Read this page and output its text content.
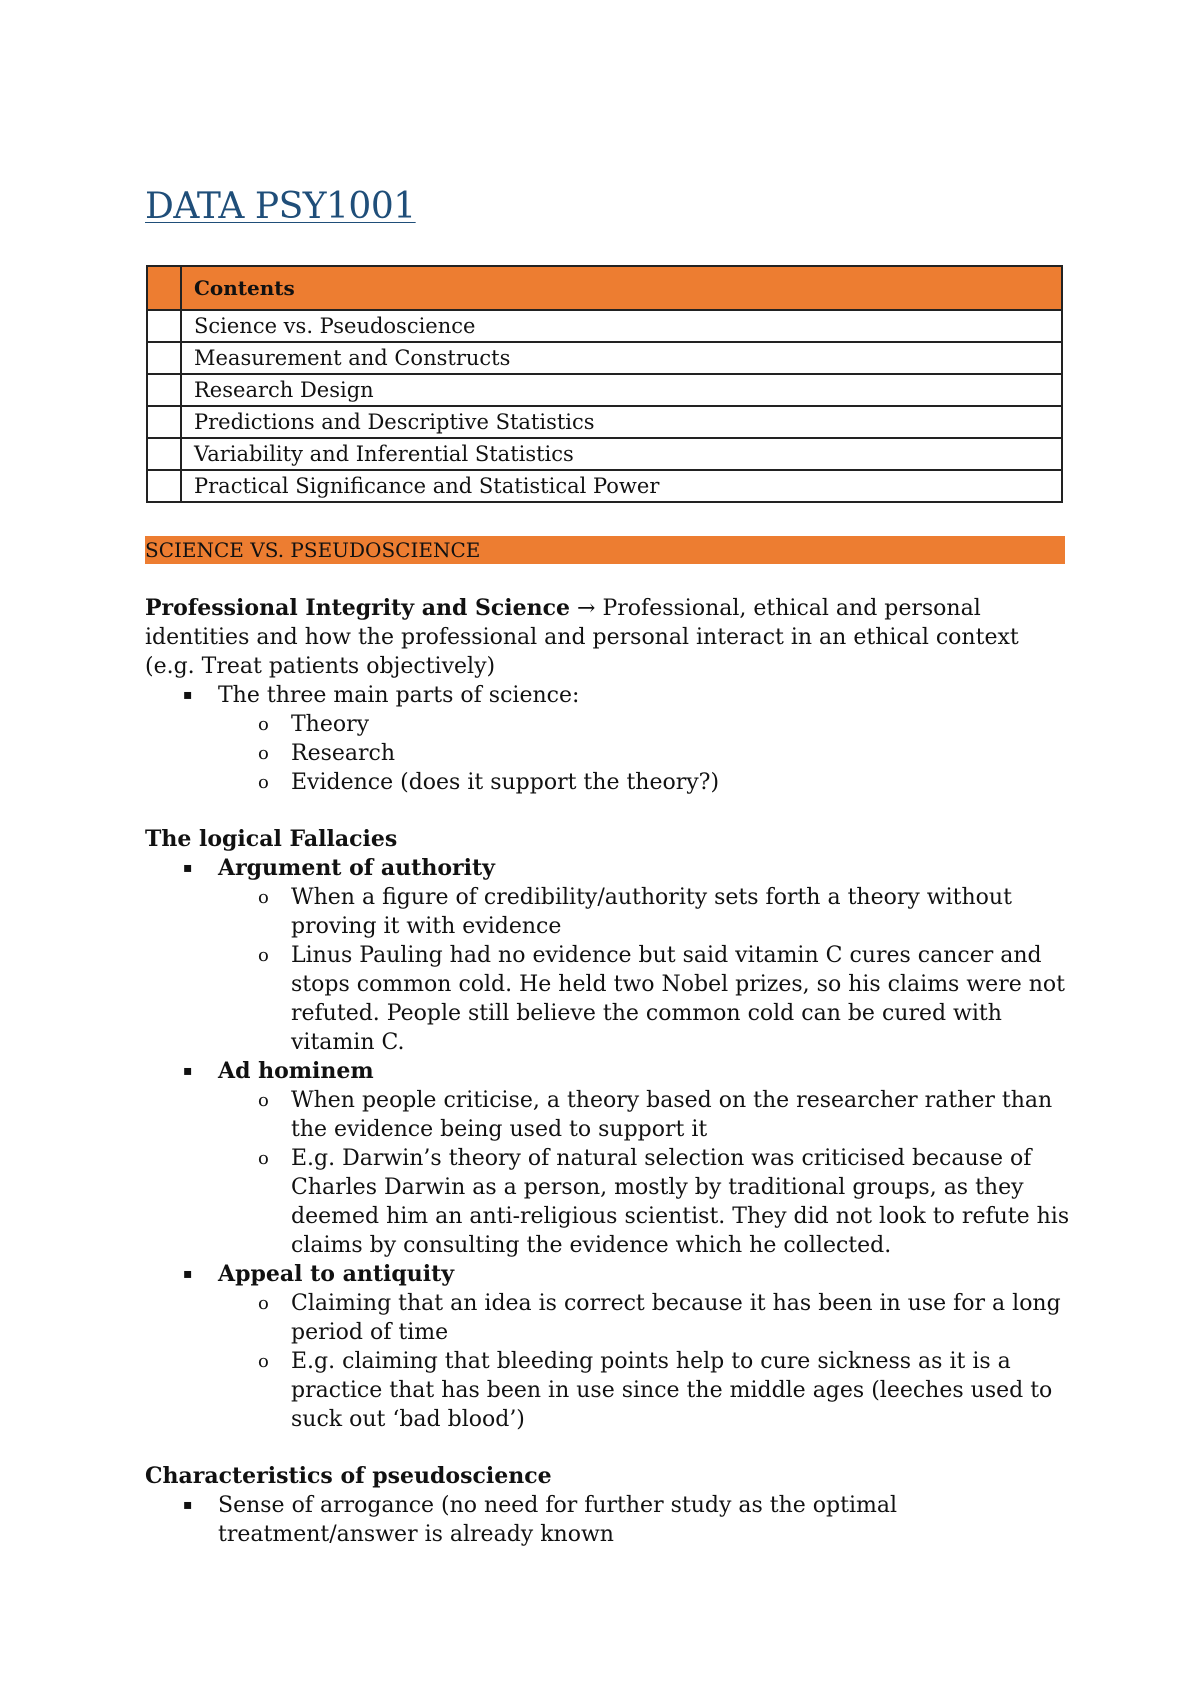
DATA PSY1001
	Contents
	Science vs. Pseudoscience
	Measurement and Constructs
	Research Design
	Predictions and Descriptive Statistics
	Variability and Inferential Statistics
	Practical Significance and Statistical Power
SCIENCE VS. PSEUDOSCIENCE

Professional Integrity and Science → Professional, ethical and personal identities and how the professional and personal interact in an ethical context (e.g. Treat patients objectively)

▪ The three main parts of science:
o Theory
o Research
o Evidence (does it support the theory?)

The logical Fallacies

▪ Argument of authority
o When a figure of credibility/authority sets forth a theory without proving it with evidence
o Linus Pauling had no evidence but said vitamin C cures cancer and stops common cold. He held two Nobel prizes, so his claims were not refuted. People still believe the common cold can be cured with vitamin C.
▪ Ad hominem
o When people criticise, a theory based on the researcher rather than the evidence being used to support it
o E.g. Darwin’s theory of natural selection was criticised because of Charles Darwin as a person, mostly by traditional groups, as they deemed him an anti-religious scientist. They did not look to refute his claims by consulting the evidence which he collected.
▪ Appeal to antiquity
o Claiming that an idea is correct because it has been in use for a long period of time
o E.g. claiming that bleeding points help to cure sickness as it is a practice that has been in use since the middle ages (leeches used to suck out ‘bad blood’)

Characteristics of pseudoscience

▪ Sense of arrogance (no need for further study as the optimal treatment/answer is already known
